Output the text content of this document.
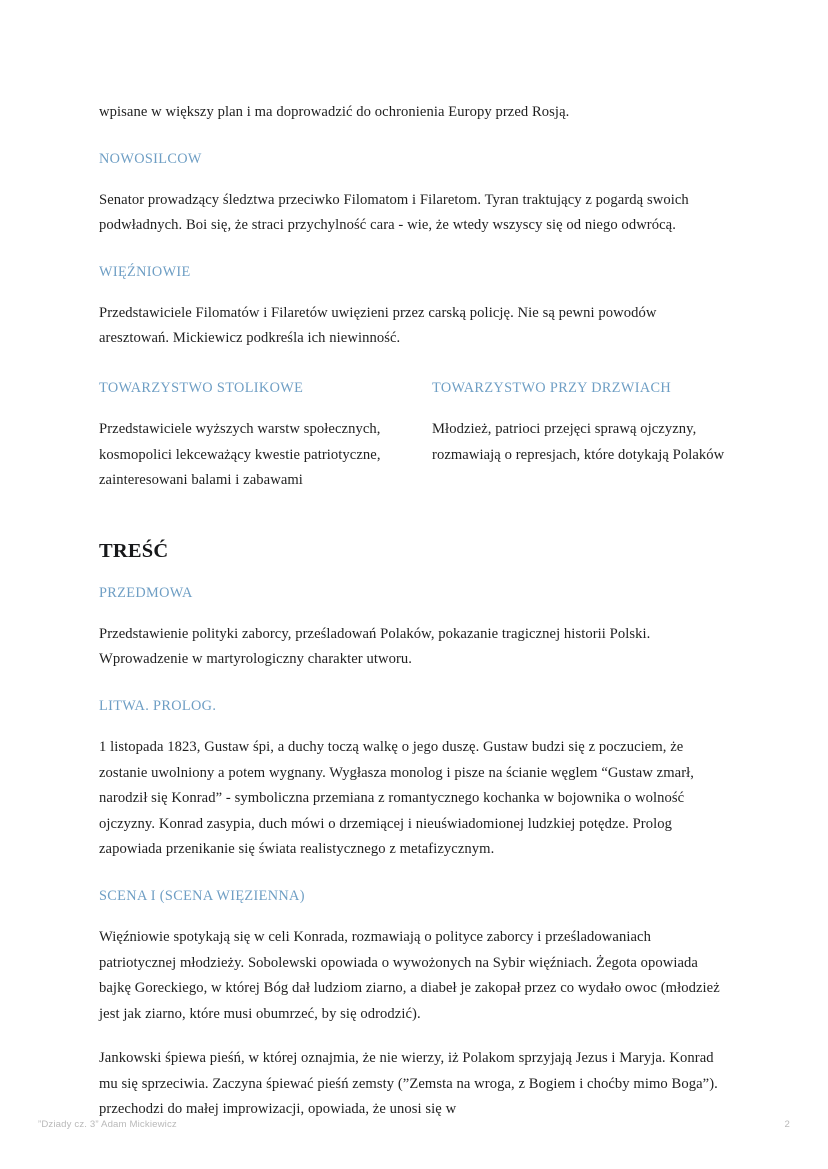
wpisane w większy plan i ma doprowadzić do ochronienia Europy przed Rosją.

NOWOSILCOW

Senator prowadzący śledztwa przeciwko Filomatom i Filaretom. Tyran traktujący z pogardą swoich podwładnych. Boi się, że straci przychylność cara - wie, że wtedy wszyscy się od niego odwrócą.

WIĘŹNIOWIE

Przedstawiciele Filomatów i Filaretów uwięzieni przez carską policję. Nie są pewni powodów aresztowań. Mickiewicz podkreśla ich niewinność.

TOWARZYSTWO STOLIKOWE

Przedstawiciele wyższych warstw społecznych, kosmopolici lekceważący kwestie patriotyczne, zainteresowani balami i zabawami

TOWARZYSTWO PRZY DRZWIACH

Młodzież, patrioci przejęci sprawą ojczyzny, rozmawiają o represjach, które dotykają Polaków

TREŚĆ
PRZEDMOWA

Przedstawienie polityki zaborcy, prześladowań Polaków, pokazanie tragicznej historii Polski. Wprowadzenie w martyrologiczny charakter utworu.

LITWA. PROLOG.

1 listopada 1823, Gustaw śpi, a duchy toczą walkę o jego duszę. Gustaw budzi się z poczuciem, że zostanie uwolniony a potem wygnany. Wygłasza monolog i pisze na ścianie węglem “Gustaw zmarł, narodził się Konrad” - symboliczna przemiana z romantycznego kochanka w bojownika o wolność ojczyzny. Konrad zasypia, duch mówi o drzemiącej i nieuświadomionej ludzkiej potędze. Prolog zapowiada przenikanie się świata realistycznego z metafizycznym.

SCENA I (SCENA WIĘZIENNA)

Więźniowie spotykają się w celi Konrada, rozmawiają o polityce zaborcy i prześladowaniach patriotycznej młodzieży. Sobolewski opowiada o wywożonych na Sybir więźniach. Żegota opowiada bajkę Goreckiego, w której Bóg dał ludziom ziarno, a diabeł je zakopał przez co wydało owoc (młodzież jest jak ziarno, które musi obumrzeć, by się odrodzić).

Jankowski śpiewa pieśń, w której oznajmia, że nie wierzy, iż Polakom sprzyjają Jezus i Maryja. Konrad mu się sprzeciwia. Zaczyna śpiewać pieśń zemsty (”Zemsta na wroga, z Bogiem i choćby mimo Boga”). przechodzi do małej improwizacji, opowiada, że unosi się w

”Dziady cz. 3” Adam Mickiewicz	2
